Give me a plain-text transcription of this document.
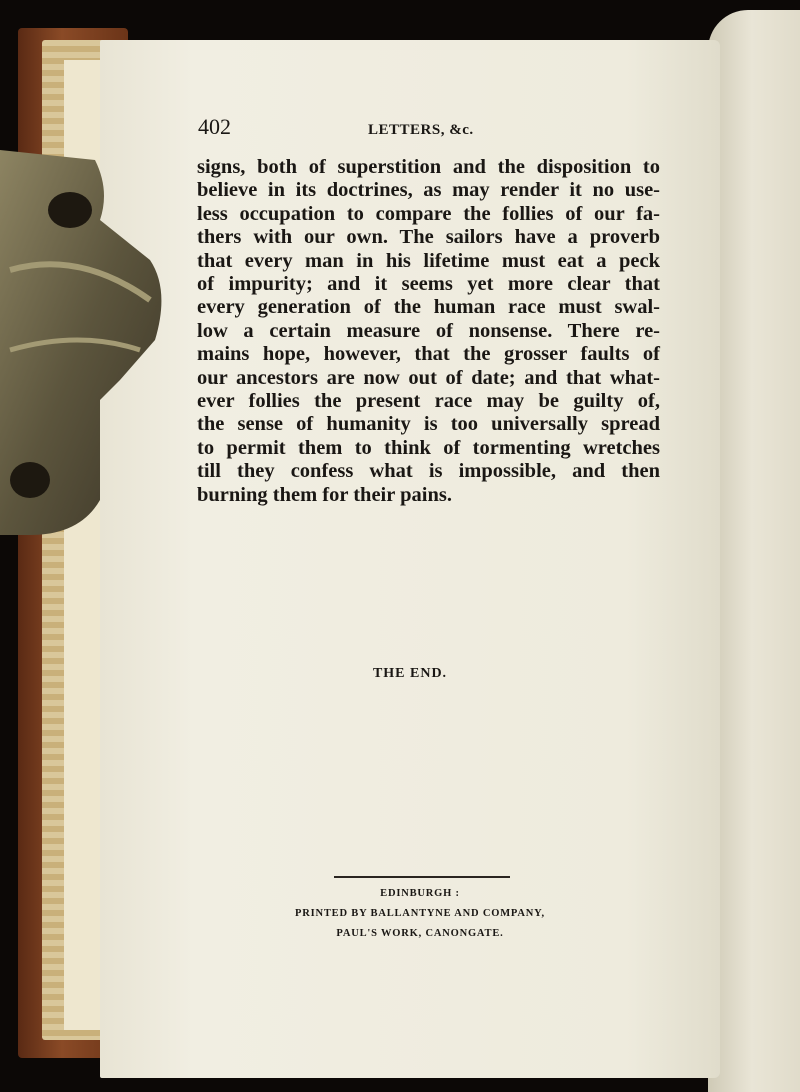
402	LETTERS, &c.
signs, both of superstition and the disposition to
believe in its doctrines, as may render it no use-
less occupation to compare the follies of our fa-
thers with our own. The sailors have a proverb
that every man in his lifetime must eat a peck
of impurity; and it seems yet more clear that
every generation of the human race must swal-
low a certain measure of nonsense. There re-
mains hope, however, that the grosser faults of
our ancestors are now out of date; and that what-
ever follies the present race may be guilty of,
the sense of humanity is too universally spread
to permit them to think of tormenting wretches
till they confess what is impossible, and then
burning them for their pains.
THE END.
EDINBURGH :
PRINTED BY BALLANTYNE AND COMPANY,
PAUL'S WORK, CANONGATE.
